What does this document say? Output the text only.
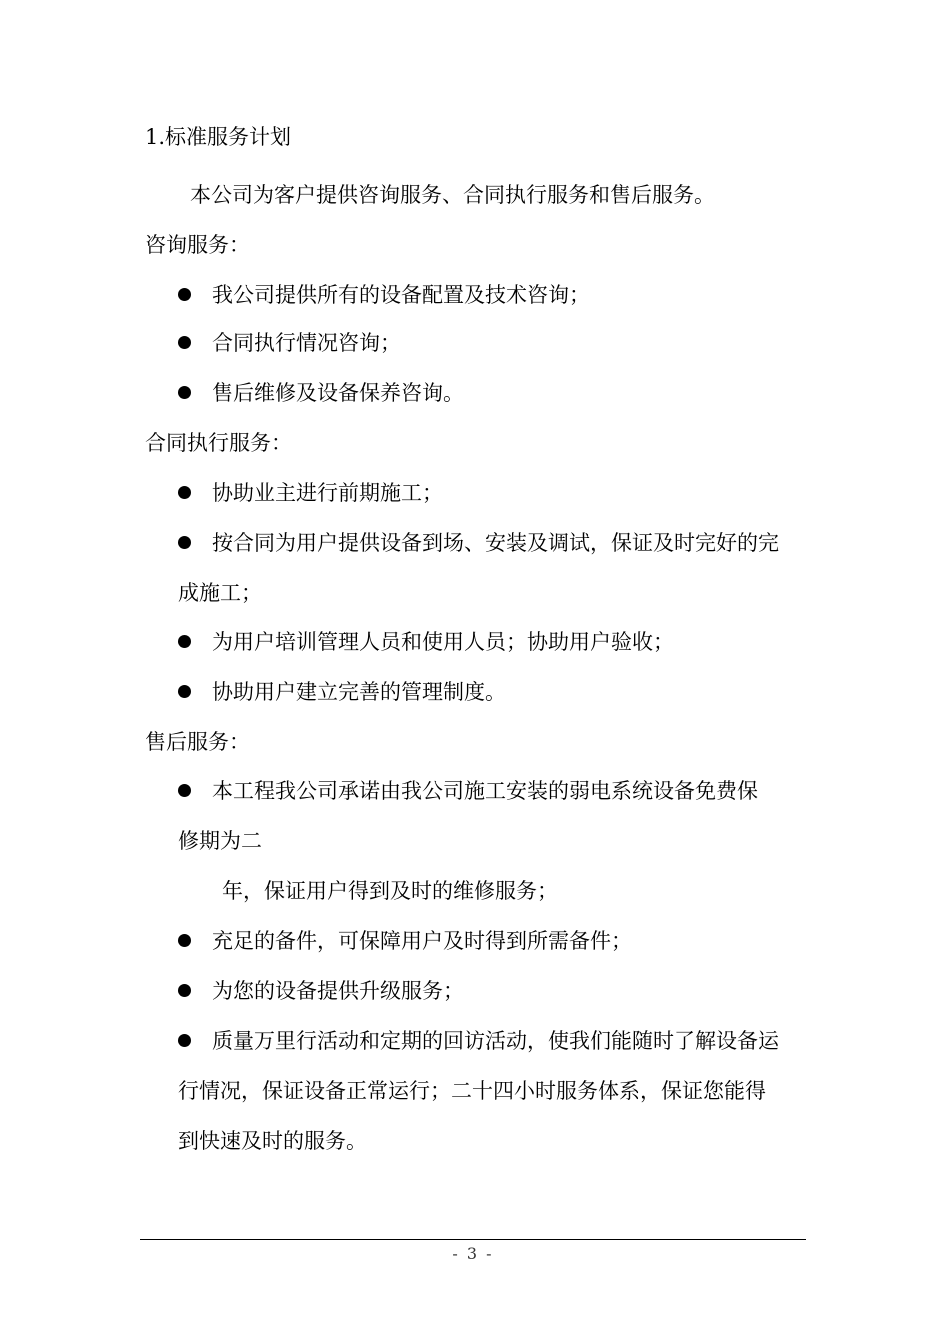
1.标准服务计划
本公司为客户提供咨询服务、合同执行服务和售后服务。
咨询服务：
我公司提供所有的设备配置及技术咨询；
合同执行情况咨询；
售后维修及设备保养咨询。
合同执行服务：
协助业主进行前期施工；
按合同为用户提供设备到场、安装及调试，保证及时完好的完
成施工；
为用户培训管理人员和使用人员；协助用户验收；
协助用户建立完善的管理制度。
售后服务：
本工程我公司承诺由我公司施工安装的弱电系统设备免费保
修期为二
年，保证用户得到及时的维修服务；
充足的备件，可保障用户及时得到所需备件；
为您的设备提供升级服务；
质量万里行活动和定期的回访活动，使我们能随时了解设备运
行情况，保证设备正常运行；二十四小时服务体系，保证您能得
到快速及时的服务。
- 3 -
